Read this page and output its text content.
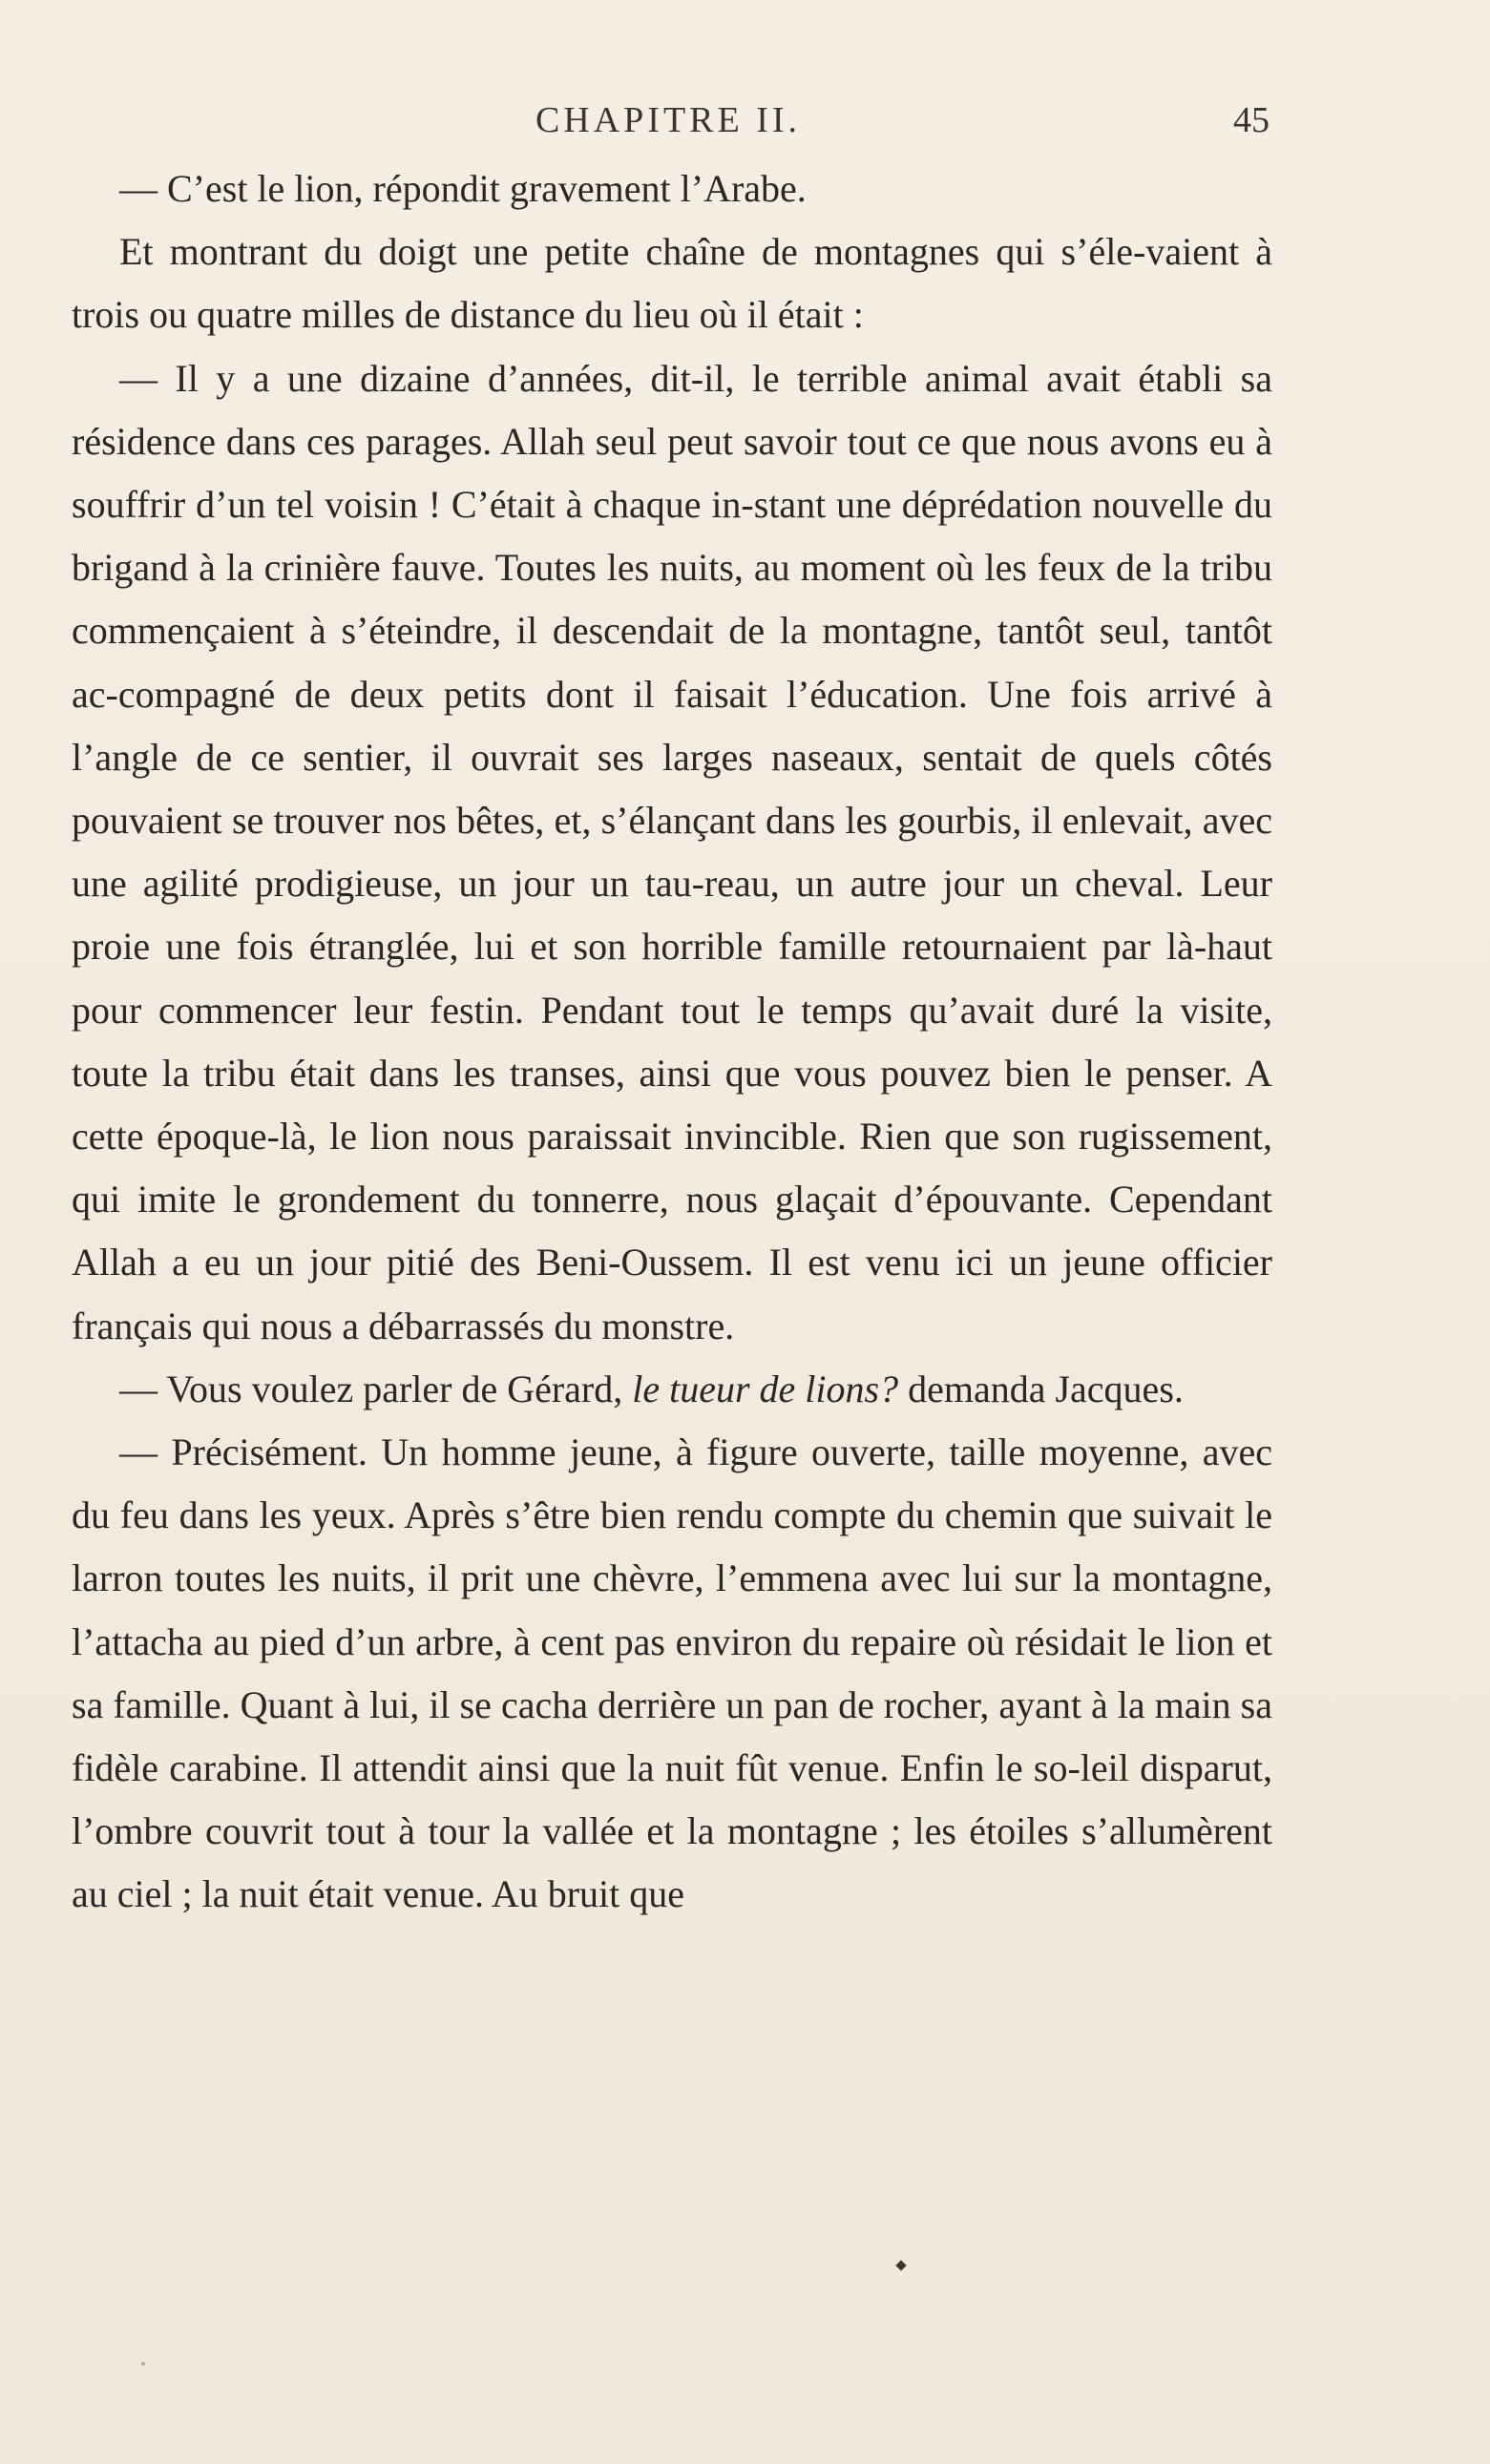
CHAPITRE II.	45

— C’est le lion, répondit gravement l’Arabe.

Et montrant du doigt une petite chaîne de montagnes qui s’éle-vaient à trois ou quatre milles de distance du lieu où il était :

— Il y a une dizaine d’années, dit-il, le terrible animal avait établi sa résidence dans ces parages. Allah seul peut savoir tout ce que nous avons eu à souffrir d’un tel voisin ! C’était à chaque in-stant une déprédation nouvelle du brigand à la crinière fauve. Toutes les nuits, au moment où les feux de la tribu commençaient à s’éteindre, il descendait de la montagne, tantôt seul, tantôt ac-compagné de deux petits dont il faisait l’éducation. Une fois arrivé à l’angle de ce sentier, il ouvrait ses larges naseaux, sentait de quels côtés pouvaient se trouver nos bêtes, et, s’élançant dans les gourbis, il enlevait, avec une agilité prodigieuse, un jour un tau-reau, un autre jour un cheval. Leur proie une fois étranglée, lui et son horrible famille retournaient par là-haut pour commencer leur festin. Pendant tout le temps qu’avait duré la visite, toute la tribu était dans les transes, ainsi que vous pouvez bien le penser. A cette époque-là, le lion nous paraissait invincible. Rien que son rugissement, qui imite le grondement du tonnerre, nous glaçait d’épouvante. Cependant Allah a eu un jour pitié des Beni-Oussem. Il est venu ici un jeune officier français qui nous a débarrassés du monstre.

— Vous voulez parler de Gérard, le tueur de lions? demanda Jacques.

— Précisément. Un homme jeune, à figure ouverte, taille moyenne, avec du feu dans les yeux. Après s’être bien rendu compte du chemin que suivait le larron toutes les nuits, il prit une chèvre, l’emmena avec lui sur la montagne, l’attacha au pied d’un arbre, à cent pas environ du repaire où résidait le lion et sa famille. Quant à lui, il se cacha derrière un pan de rocher, ayant à la main sa fidèle carabine. Il attendit ainsi que la nuit fût venue. Enfin le so-leil disparut, l’ombre couvrit tout à tour la vallée et la montagne ; les étoiles s’allumèrent au ciel ; la nuit était venue. Au bruit que
